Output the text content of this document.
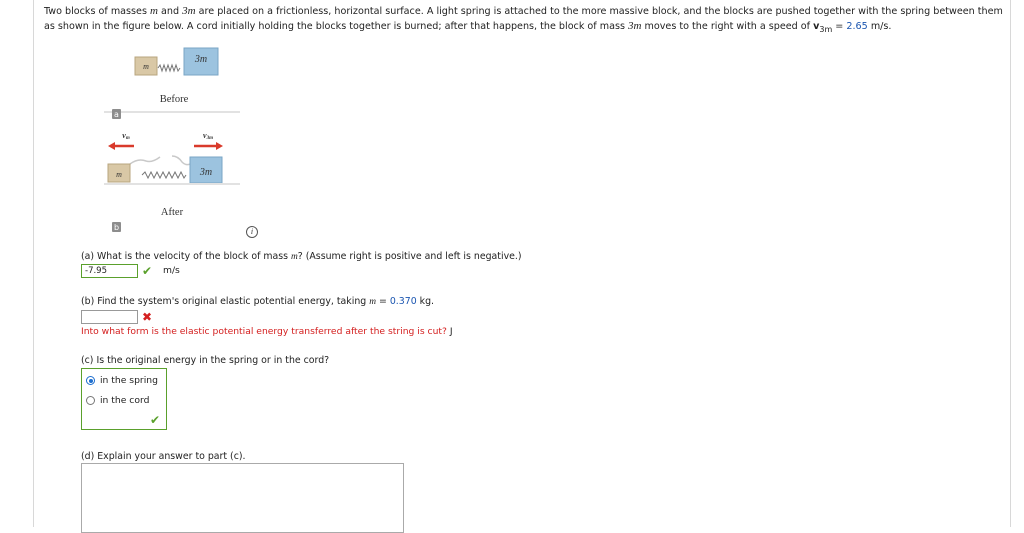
Two blocks of masses m and 3m are placed on a frictionless, horizontal surface. A light spring is attached to the more massive block, and the blocks are pushed together with the spring between them
as shown in the figure below. A cord initially holding the blocks together is burned; after that happens, the block of mass 3m moves to the right with a speed of $v_{3m} = 2.65$ m/s.
m
3m
Before
a
vm	v3m
m	3m
After
b	i
(a) What is the velocity of the block of mass m? (Assume right is positive and left is negative.)
-7.95	✔ m/s
(b) Find the system's original elastic potential energy, taking m = 0.370 kg.
✖
Into what form is the elastic potential energy transferred after the string is cut? J
(c) Is the original energy in the spring or in the cord?
in the spring
in the cord
✔
(d) Explain your answer to part (c).
